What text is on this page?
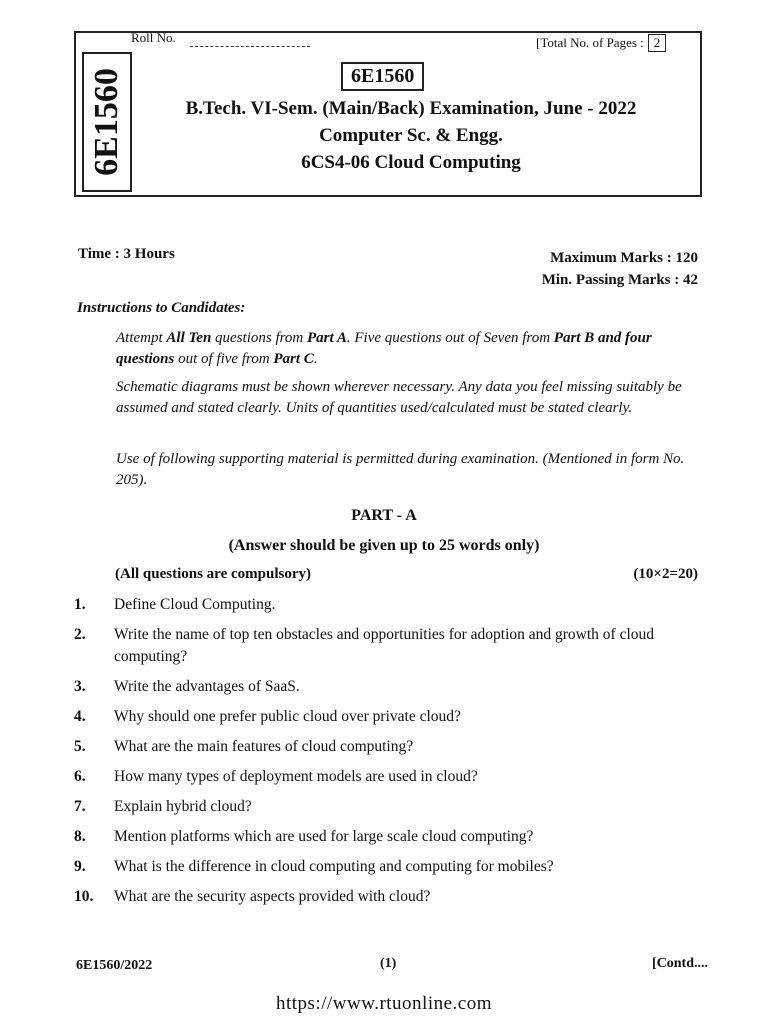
6E1560
Roll No.	[Total No. of Pages : 2
6E1560
B.Tech. VI-Sem. (Main/Back) Examination, June - 2022
Computer Sc. & Engg.
6CS4-06 Cloud Computing
Time : 3 Hours	Maximum Marks : 120
Min. Passing Marks : 42
Instructions to Candidates:
Attempt All Ten questions from Part A. Five questions out of Seven from Part B and four questions out of five from Part C.
Schematic diagrams must be shown wherever necessary. Any data you feel missing suitably be assumed and stated clearly. Units of quantities used/calculated must be stated clearly.
Use of following supporting material is permitted during examination. (Mentioned in form No. 205).
PART - A
(Answer should be given up to 25 words only)
(All questions are compulsory)	(10×2=20)
1.	Define Cloud Computing.
2.	Write the name of top ten obstacles and opportunities for adoption and growth of cloud computing?
3.	Write the advantages of SaaS.
4.	Why should one prefer public cloud over private cloud?
5.	What are the main features of cloud computing?
6.	How many types of deployment models are used in cloud?
7.	Explain hybrid cloud?
8.	Mention platforms which are used for large scale cloud computing?
9.	What is the difference in cloud computing and computing for mobiles?
10.	What are the security aspects provided with cloud?
6E1560/2022	(1)	[Contd....
https://www.rtuonline.com
